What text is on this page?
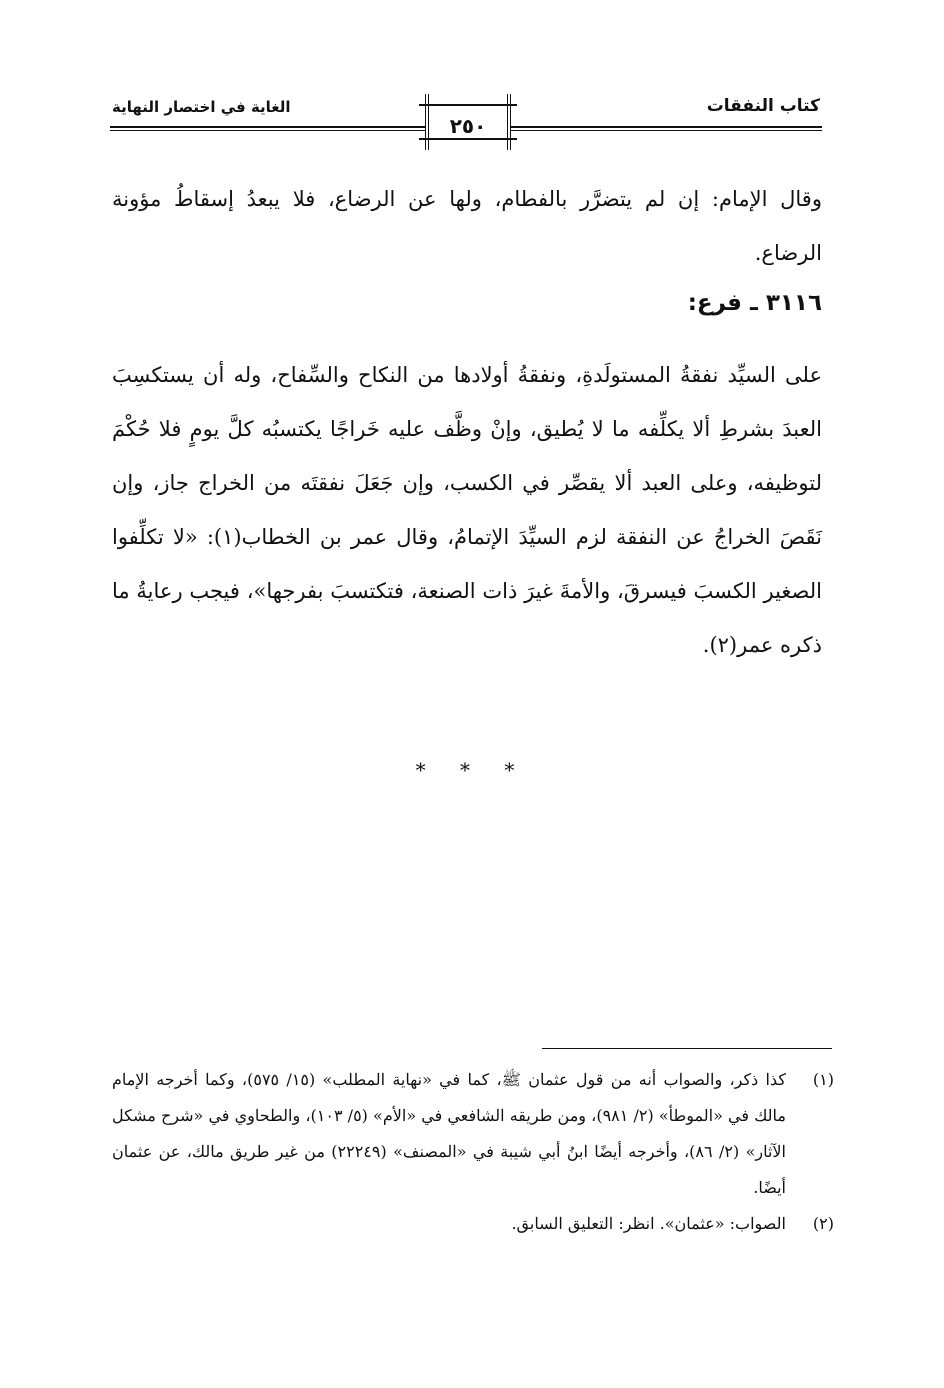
كتاب النفقات
الغاية في اختصار النهاية
٢٥٠
وقال الإمام: إن لم يتضرَّر بالفطام، ولها عن الرضاع، فلا يبعدُ إسقاطُ مؤونة الرضاع.
٣١١٦ ـ فرع:
على السيِّد نفقةُ المستولَدةِ، ونفقةُ أولادها من النكاح والسِّفاح، وله أن يستكسِبَ العبدَ بشرطِ ألا يكلِّفه ما لا يُطيق، وإنْ وظَّف عليه خَراجًا يكتسبُه كلَّ يومٍ فلا حُكْمَ لتوظيفه، وعلى العبد ألا يقصِّر في الكسب، وإن جَعَلَ نفقتَه من الخراج جاز، وإن نَقَصَ الخراجُ عن النفقة لزم السيِّدَ الإتمامُ، وقال عمر بن الخطاب(١): «لا تكلِّفوا الصغير الكسبَ فيسرقَ، والأمةَ غيرَ ذات الصنعة، فتكتسبَ بفرجها»، فيجب رعايةُ ما ذكره عمر(٢).
* * *
(١)
كذا ذكر، والصواب أنه من قول عثمان ﷺ، كما في «نهاية المطلب» (١٥/ ٥٧٥)، وكما أخرجه الإمام مالك في «الموطأ» (٢/ ٩٨١)، ومن طريقه الشافعي في «الأم» (٥/ ١٠٣)، والطحاوي في «شرح مشكل الآثار» (٢/ ٨٦)، وأخرجه أيضًا ابنُ أبي شيبة في «المصنف» (٢٢٢٤٩) من غير طريق مالك، عن عثمان أيضًا.
(٢)
الصواب: «عثمان». انظر: التعليق السابق.
